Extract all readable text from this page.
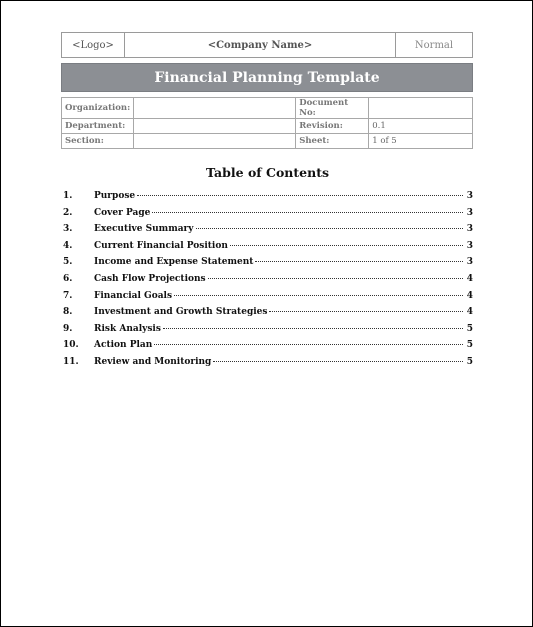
<Logo>	<Company Name>	Normal
Financial Planning Template
Organization:		Document No:	
Department:		Revision:	0.1
Section:		Sheet:	1 of 5
Table of Contents
1.	Purpose	3
2.	Cover Page	3
3.	Executive Summary	3
4.	Current Financial Position	3
5.	Income and Expense Statement	3
6.	Cash Flow Projections	4
7.	Financial Goals	4
8.	Investment and Growth Strategies	4
9.	Risk Analysis	5
10.	Action Plan	5
11.	Review and Monitoring	5
